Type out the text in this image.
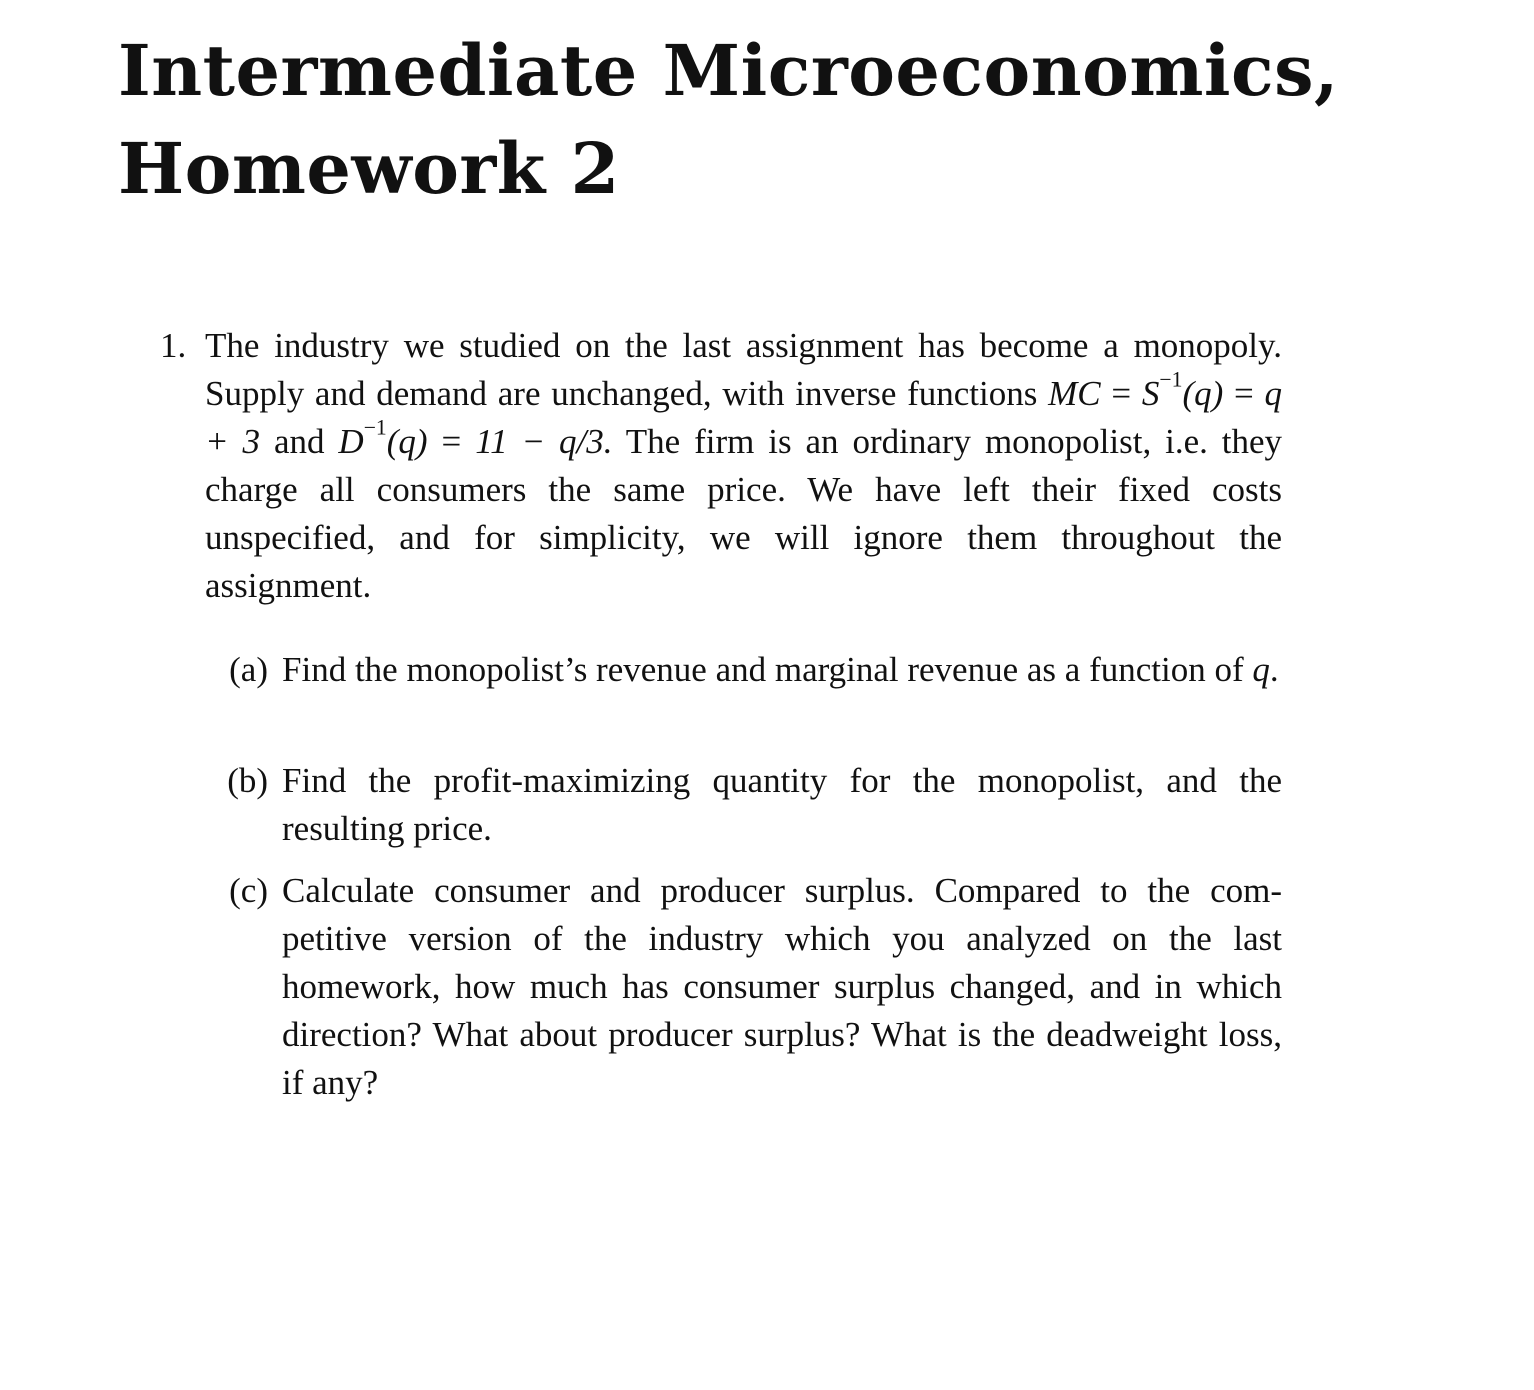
Intermediate Microeconomics,
Homework 2
1. The industry we studied on the last assignment has become a monopoly. Supply and demand are unchanged, with inverse functions MC = $S^{-1}(q) = q + 3$ and $D^{-1}(q) = 11 - q/3$. The firm is an ordinary monopolist, i.e. they charge all consumers the same price. We have left their fixed costs unspecified, and for simplicity, we will ignore them throughout the assignment.
(a) Find the monopolist’s revenue and marginal revenue as a function of q.
(b) Find the profit-maximizing quantity for the monopolist, and the resulting price.
(c) Calculate consumer and producer surplus. Compared to the com-petitive version of the industry which you analyzed on the last homework, how much has consumer surplus changed, and in which direction? What about producer surplus? What is the deadweight loss, if any?
